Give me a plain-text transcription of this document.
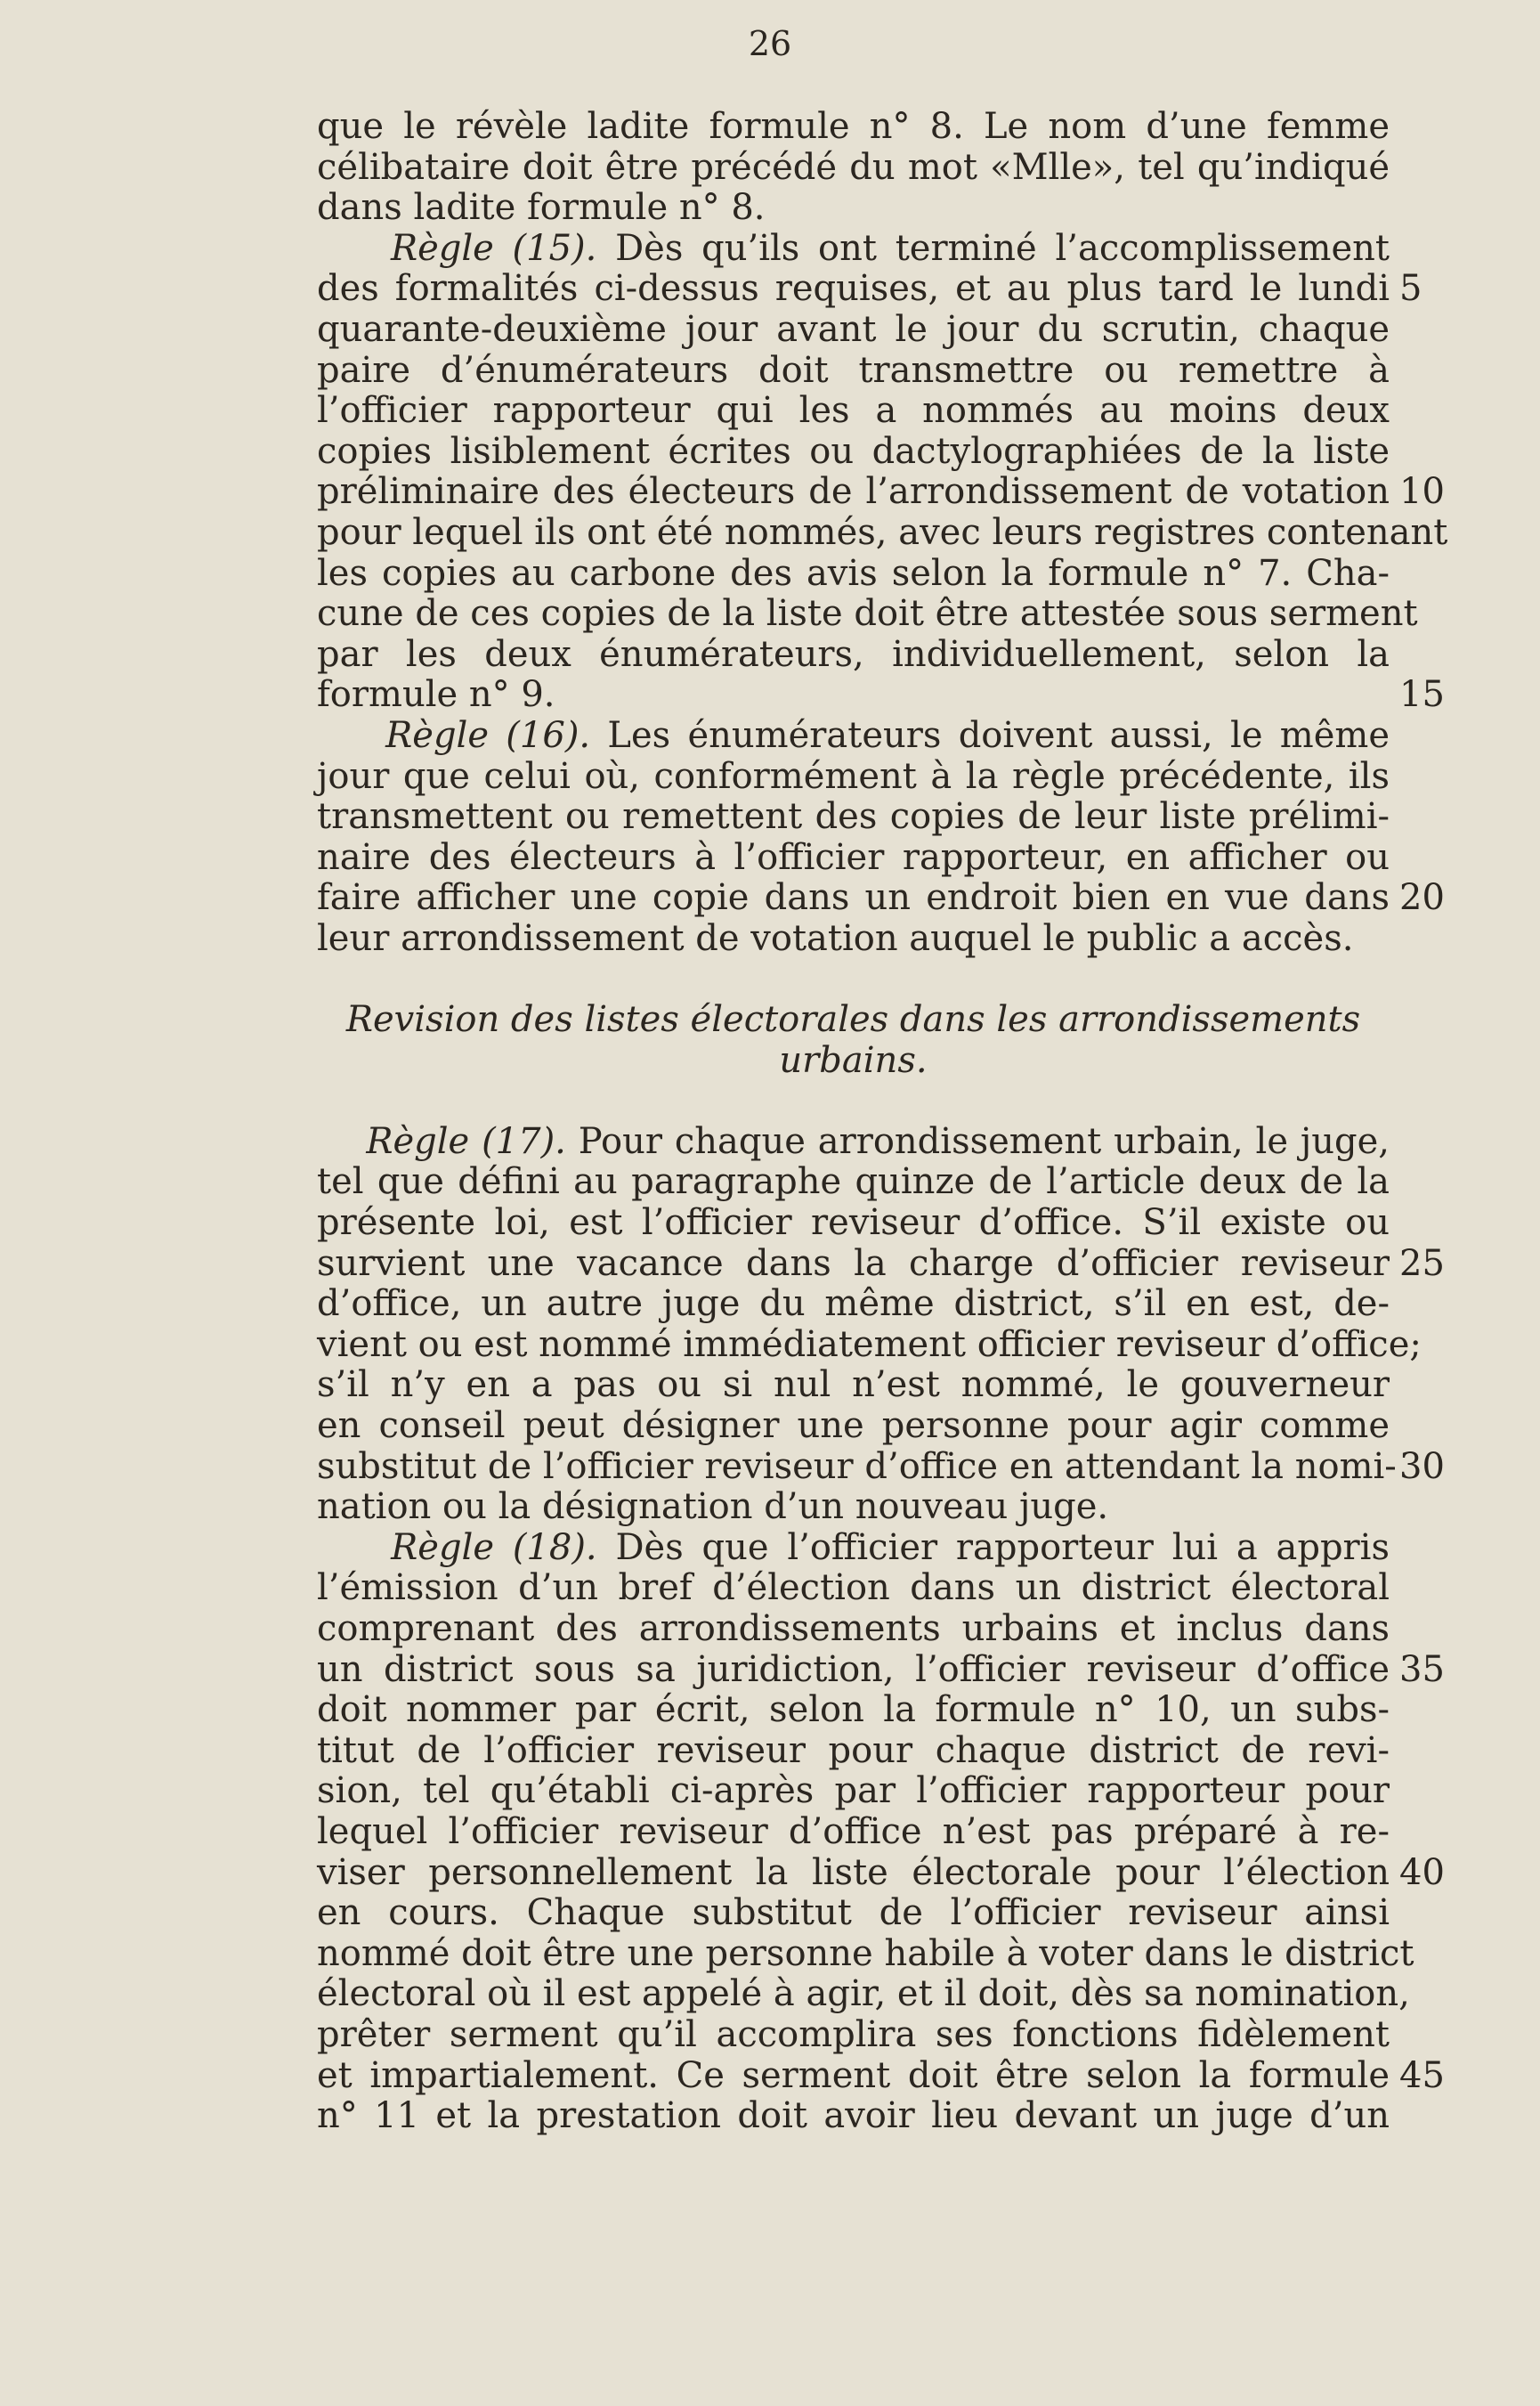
26
que le révèle ladite formule n° 8. Le nom d’une femme
célibataire doit être précédé du mot «Mlle», tel qu’indiqué
dans ladite formule n° 8.
Règle (15). Dès qu’ils ont terminé l’accomplissement
des formalités ci-dessus requises, et au plus tard le lundi 5
quarante-deuxième jour avant le jour du scrutin, chaque
paire d’énumérateurs doit transmettre ou remettre à
l’officier rapporteur qui les a nommés au moins deux
copies lisiblement écrites ou dactylographiées de la liste
préliminaire des électeurs de l’arrondissement de votation 10
pour lequel ils ont été nommés, avec leurs registres contenant
les copies au carbone des avis selon la formule n° 7. Cha-
cune de ces copies de la liste doit être attestée sous serment
par les deux énumérateurs, individuellement, selon la
formule n° 9.	15
Règle (16). Les énumérateurs doivent aussi, le même
jour que celui où, conformément à la règle précédente, ils
transmettent ou remettent des copies de leur liste prélimi-
naire des électeurs à l’officier rapporteur, en afficher ou
faire afficher une copie dans un endroit bien en vue dans 20
leur arrondissement de votation auquel le public a accès.
Revision des listes électorales dans les arrondissements
urbains.
Règle (17). Pour chaque arrondissement urbain, le juge,
tel que défini au paragraphe quinze de l’article deux de la
présente loi, est l’officier reviseur d’office. S’il existe ou
survient une vacance dans la charge d’officier reviseur 25
d’office, un autre juge du même district, s’il en est, de-
vient ou est nommé immédiatement officier reviseur d’office;
s’il n’y en a pas ou si nul n’est nommé, le gouverneur
en conseil peut désigner une personne pour agir comme
substitut de l’officier reviseur d’office en attendant la nomi- 30
nation ou la désignation d’un nouveau juge.
Règle (18). Dès que l’officier rapporteur lui a appris
l’émission d’un bref d’élection dans un district électoral
comprenant des arrondissements urbains et inclus dans
un district sous sa juridiction, l’officier reviseur d’office 35
doit nommer par écrit, selon la formule n° 10, un subs-
titut de l’officier reviseur pour chaque district de revi-
sion, tel qu’établi ci-après par l’officier rapporteur pour
lequel l’officier reviseur d’office n’est pas préparé à re-
viser personnellement la liste électorale pour l’élection 40
en cours. Chaque substitut de l’officier reviseur ainsi
nommé doit être une personne habile à voter dans le district
électoral où il est appelé à agir, et il doit, dès sa nomination,
prêter serment qu’il accomplira ses fonctions fidèlement
et impartialement. Ce serment doit être selon la formule 45
n° 11 et la prestation doit avoir lieu devant un juge d’un
